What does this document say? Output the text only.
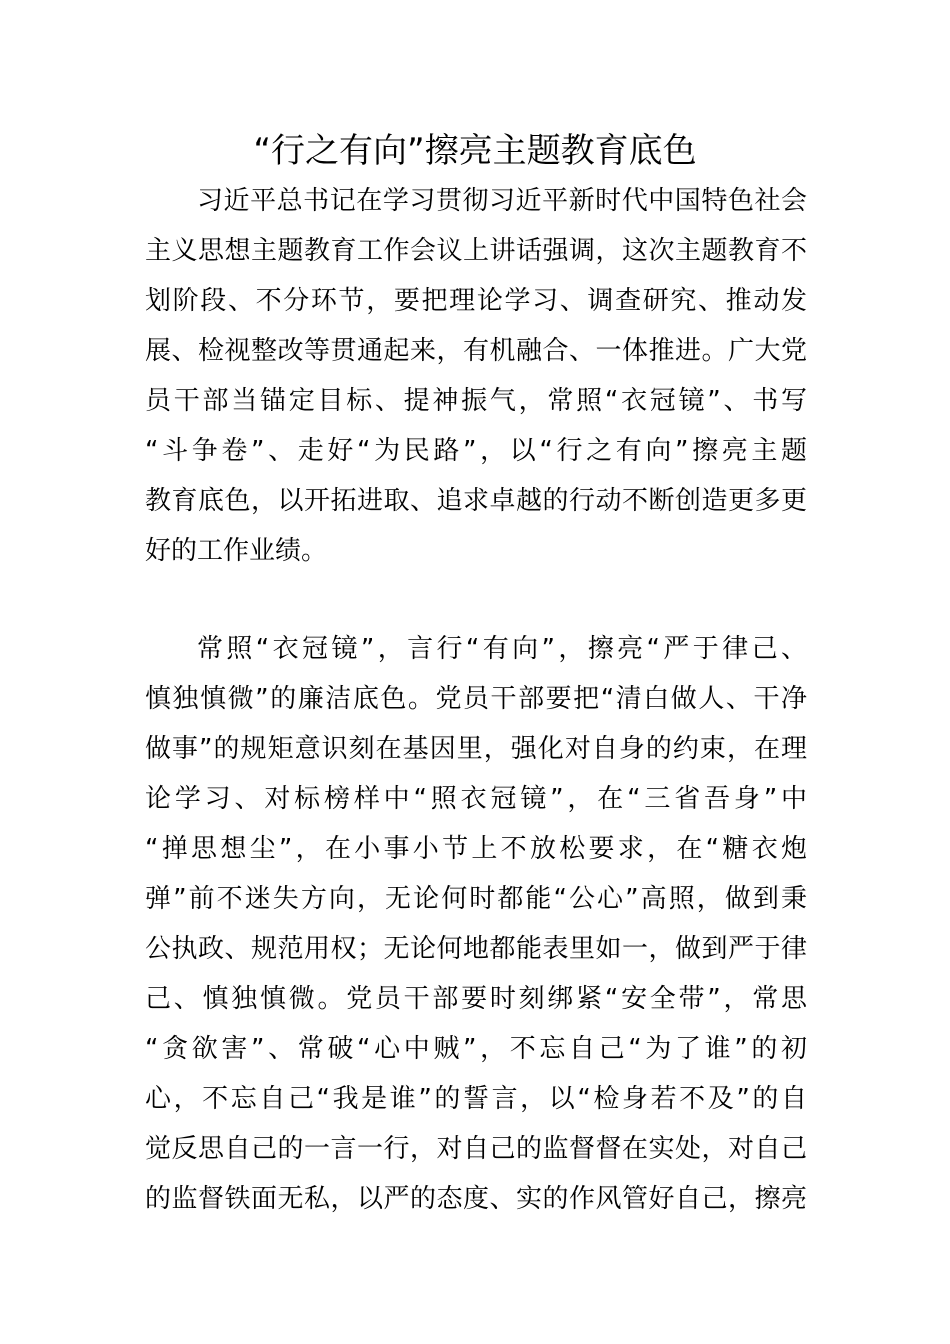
“行之有向”擦亮主题教育底色
习近平总书记在学习贯彻习近平新时代中国特色社会
主义思想主题教育工作会议上讲话强调，这次主题教育不
划阶段、不分环节，要把理论学习、调查研究、推动发
展、检视整改等贯通起来，有机融合、一体推进。广大党
员干部当锚定目标、提神振气，常照“衣冠镜”、书写
“斗争卷”、走好“为民路”，以“行之有向”擦亮主题
教育底色，以开拓进取、追求卓越的行动不断创造更多更
好的工作业绩。
常照“衣冠镜”，言行“有向”，擦亮“严于律己、
慎独慎微”的廉洁底色。党员干部要把“清白做人、干净
做事”的规矩意识刻在基因里，强化对自身的约束，在理
论学习、对标榜样中“照衣冠镜”，在“三省吾身”中
“掸思想尘”，在小事小节上不放松要求，在“糖衣炮
弹”前不迷失方向，无论何时都能“公心”高照，做到秉
公执政、规范用权；无论何地都能表里如一，做到严于律
己、慎独慎微。党员干部要时刻绑紧“安全带”，常思
“贪欲害”、常破“心中贼”，不忘自己“为了谁”的初
心，不忘自己“我是谁”的誓言，以“检身若不及”的自
觉反思自己的一言一行，对自己的监督督在实处，对自己
的监督铁面无私，以严的态度、实的作风管好自己，擦亮
